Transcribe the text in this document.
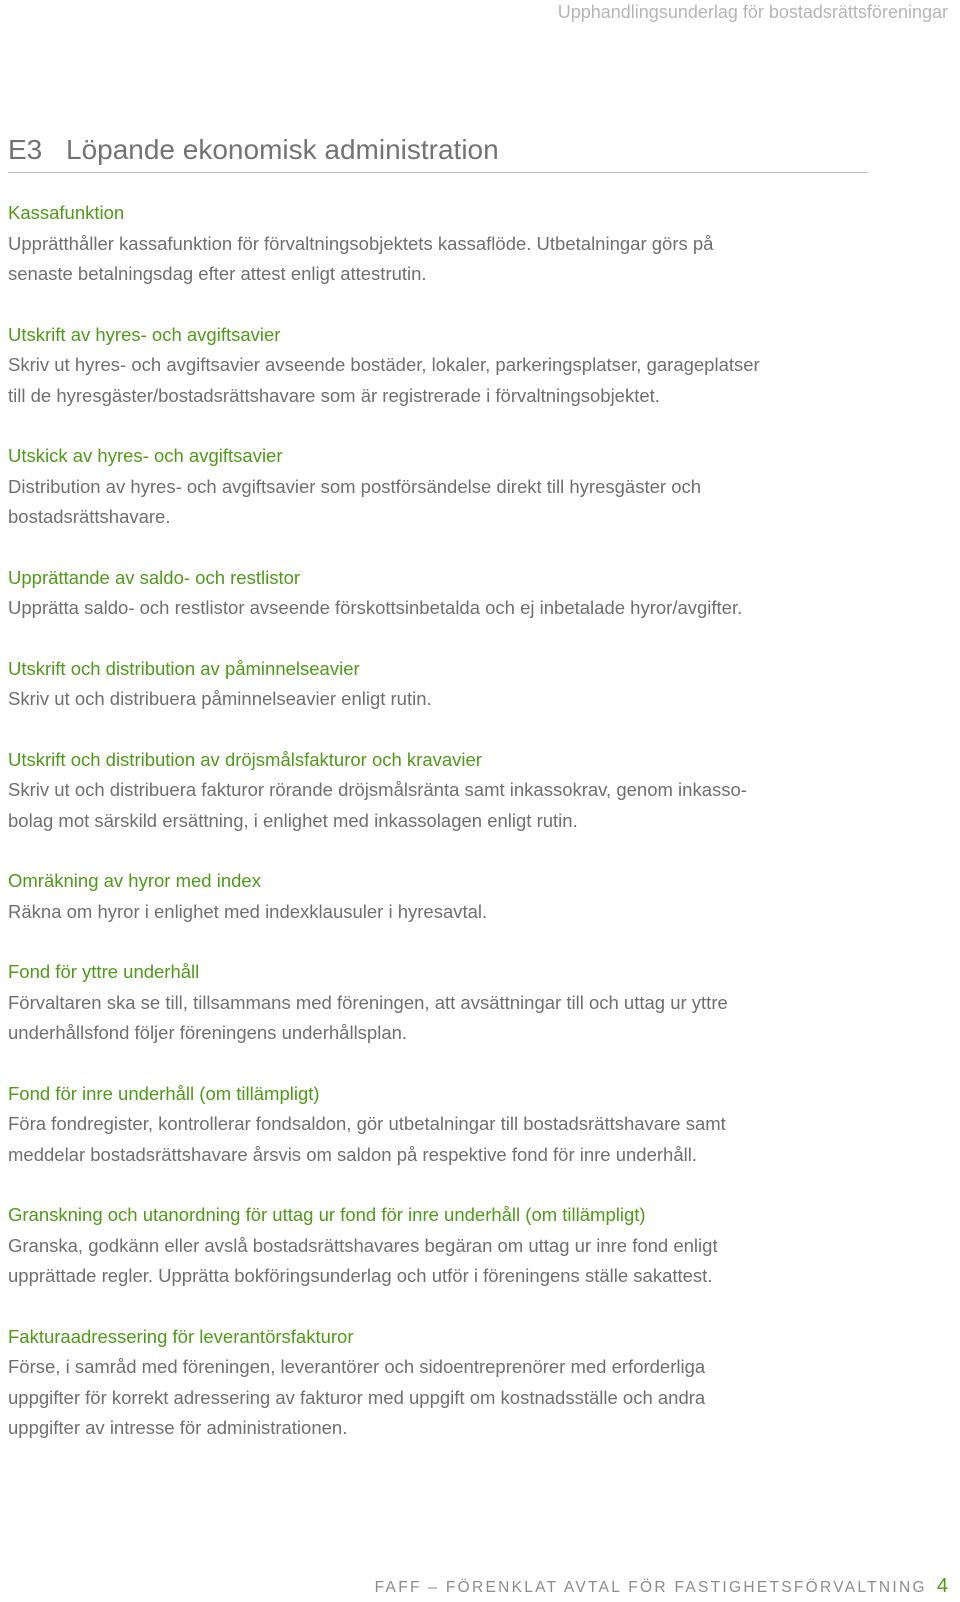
Upphandlingsunderlag för bostadsrättsföreningar
E3 Löpande ekonomisk administration
Kassafunktion
Upprätthåller kassafunktion för förvaltningsobjektets kassaflöde. Utbetalningar görs på
senaste betalningsdag efter attest enligt attestrutin.
Utskrift av hyres- och avgiftsavier
Skriv ut hyres- och avgiftsavier avseende bostäder, lokaler, parkeringsplatser, garageplatser
till de hyresgäster/bostadsrättshavare som är registrerade i förvaltningsobjektet.
Utskick av hyres- och avgiftsavier
Distribution av hyres- och avgiftsavier som postförsändelse direkt till hyresgäster och
bostadsrättshavare.
Upprättande av saldo- och restlistor
Upprätta saldo- och restlistor avseende förskottsinbetalda och ej inbetalade hyror/avgifter.
Utskrift och distribution av påminnelseavier
Skriv ut och distribuera påminnelseavier enligt rutin.
Utskrift och distribution av dröjsmålsfakturor och kravavier
Skriv ut och distribuera fakturor rörande dröjsmålsränta samt inkassokrav, genom inkasso-
bolag mot särskild ersättning, i enlighet med inkassolagen enligt rutin.
Omräkning av hyror med index
Räkna om hyror i enlighet med indexklausuler i hyresavtal.
Fond för yttre underhåll
Förvaltaren ska se till, tillsammans med föreningen, att avsättningar till och uttag ur yttre
underhållsfond följer föreningens underhållsplan.
Fond för inre underhåll (om tillämpligt)
Föra fondregister, kontrollerar fondsaldon, gör utbetalningar till bostadsrättshavare samt
meddelar bostadsrättshavare årsvis om saldon på respektive fond för inre underhåll.
Granskning och utanordning för uttag ur fond för inre underhåll (om tillämpligt)
Granska, godkänn eller avslå bostadsrättshavares begäran om uttag ur inre fond enligt
upprättade regler. Upprätta bokföringsunderlag och utför i föreningens ställe sakattest.
Fakturaadressering för leverantörsfakturor
Förse, i samråd med föreningen, leverantörer och sidoentreprenörer med erforderliga
uppgifter för korrekt adressering av fakturor med uppgift om kostnadsställe och andra
uppgifter av intresse för administrationen.
FAFF – FÖRENKLAT AVTAL FÖR FASTIGHETSFÖRVALTNING 4
